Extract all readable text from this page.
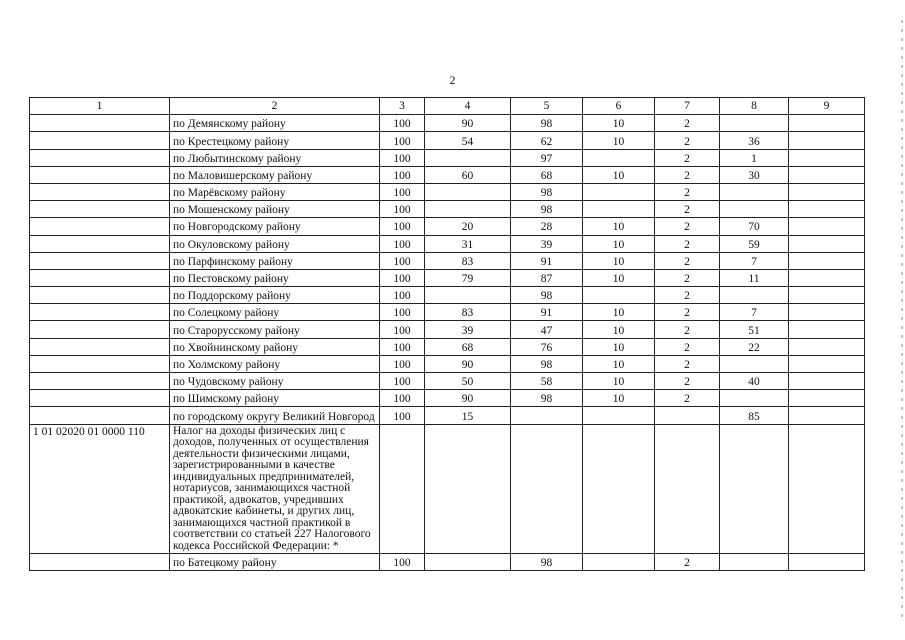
2
1	2	3	4	5	6	7	8	9
	по Демянскому району	100	90	98	10	2		
	по Крестецкому району	100	54	62	10	2	36	
	по Любытинскому району	100		97		2	1	
	по Маловишерскому району	100	60	68	10	2	30	
	по Марёвскому району	100		98		2		
	по Мошенскому району	100		98		2		
	по Новгородскому району	100	20	28	10	2	70	
	по Окуловскому району	100	31	39	10	2	59	
	по Парфинскому району	100	83	91	10	2	7	
	по Пестовскому району	100	79	87	10	2	11	
	по Поддорскому району	100		98		2		
	по Солецкому району	100	83	91	10	2	7	
	по Старорусскому району	100	39	47	10	2	51	
	по Хвойнинскому району	100	68	76	10	2	22	
	по Холмскому району	100	90	98	10	2		
	по Чудовскому району	100	50	58	10	2	40	
	по Шимскому району	100	90	98	10	2		
	по городскому округу Великий Новгород	100	15				85	
1 01 02020 01 0000 110	Налог на доходы физических лиц с доходов, полученных от осуществления деятельности физическими лицами, зарегистрированными в качестве индивидуальных предпринимателей, нотариусов, занимающихся частной практикой, адвокатов, учредивших адвокатские кабинеты, и других лиц, занимающихся частной практикой в соответствии со статьей 227 Налогового кодекса Российской Федерации: *							
	по Батецкому району	100		98		2		
